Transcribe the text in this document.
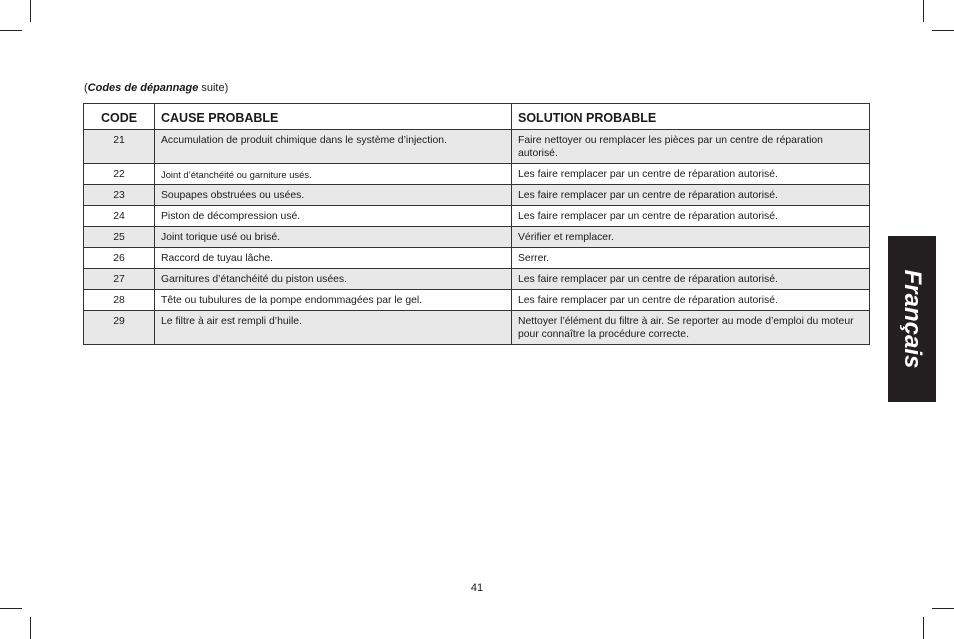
(Codes de dépannage suite)
CODE	CAUSE PROBABLE	SOLUTION PROBABLE
21	Accumulation de produit chimique dans le système d’injection.	Faire nettoyer ou remplacer les pièces par un centre de réparation autorisé.
22	Joint d’étanchéité ou garniture usés.	Les faire remplacer par un centre de réparation autorisé.
23	Soupapes obstruées ou usées.	Les faire remplacer par un centre de réparation autorisé.
24	Piston de décompression usé.	Les faire remplacer par un centre de réparation autorisé.
25	Joint torique usé ou brisé.	Vérifier et remplacer.
26	Raccord de tuyau lâche.	Serrer.
27	Garnitures d’étanchéité du piston usées.	Les faire remplacer par un centre de réparation autorisé.
28	Tête ou tubulures de la pompe endommagées par le gel.	Les faire remplacer par un centre de réparation autorisé.
29	Le filtre à air est rempli d’huile.	Nettoyer l’élément du filtre à air. Se reporter au mode d’emploi du moteur pour connaître la procédure correcte.	Français
41
